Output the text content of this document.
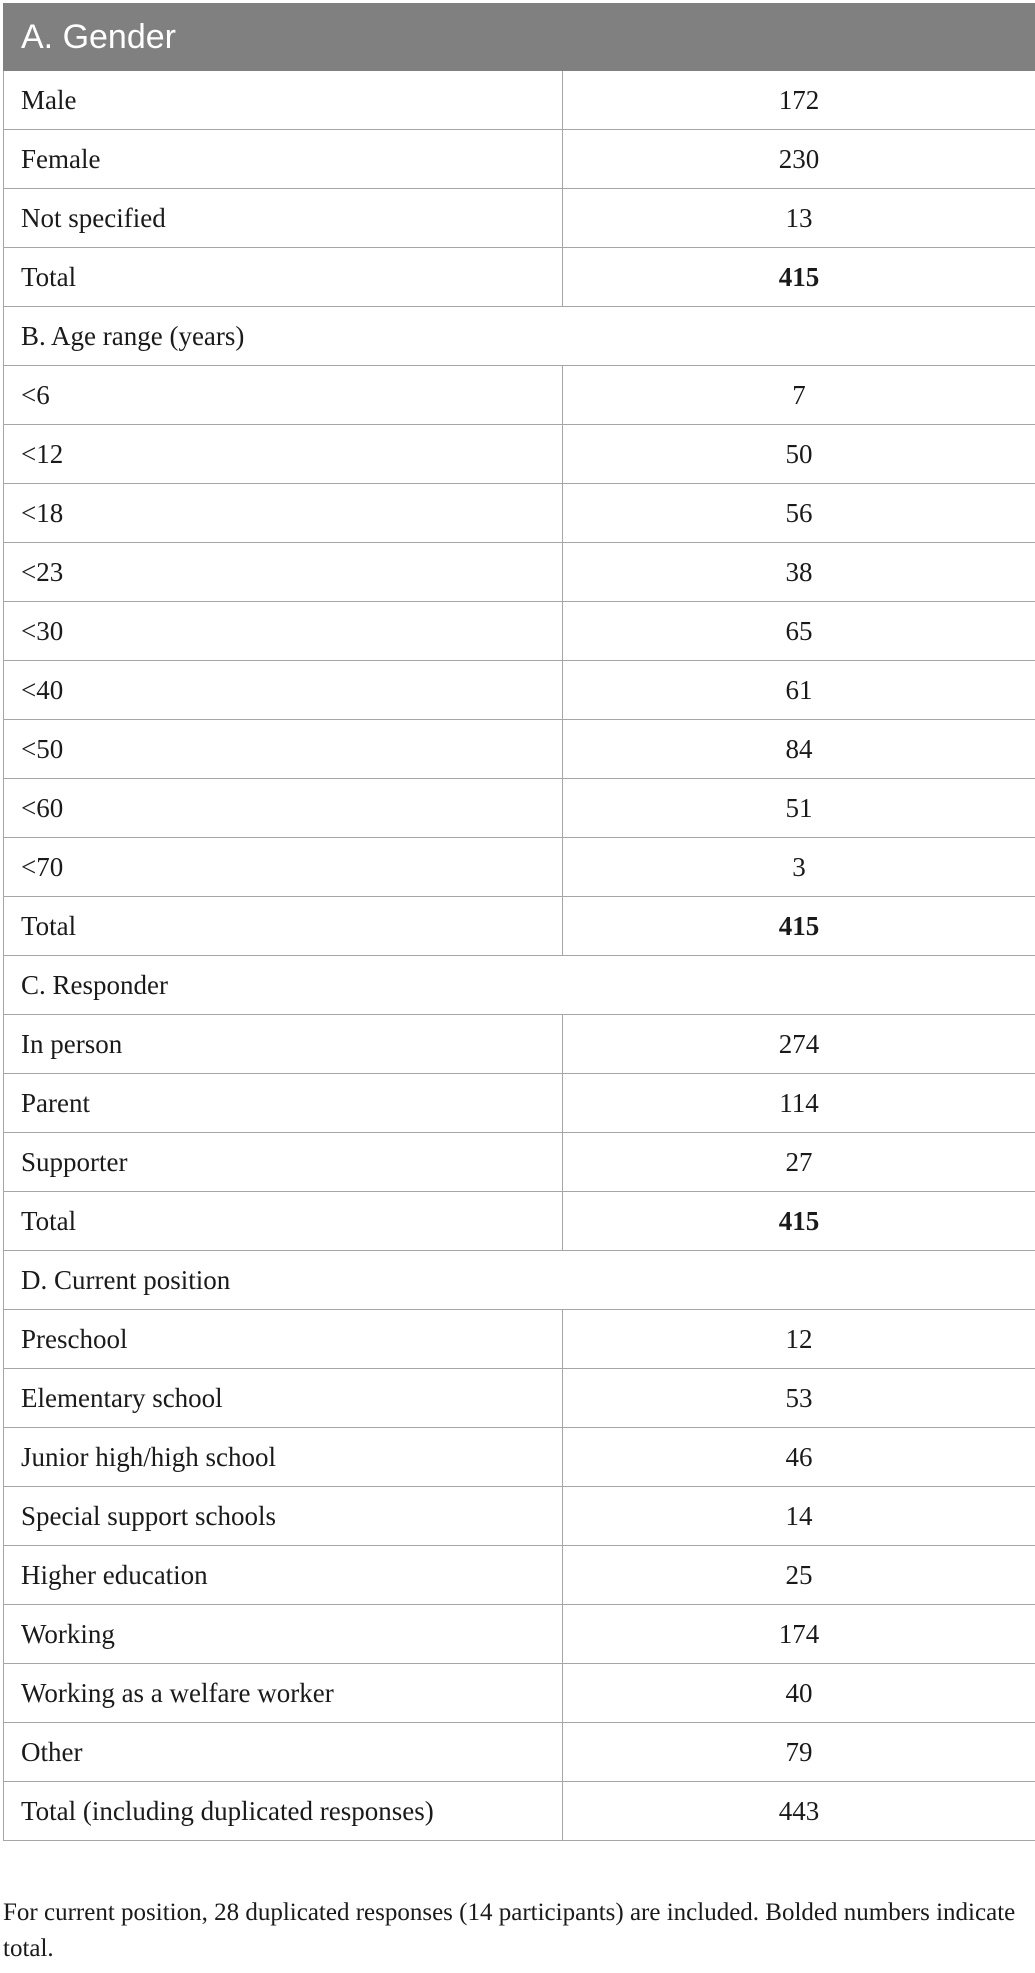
A. Gender	
Male	172
Female	230
Not specified	13
Total	415
B. Age range (years)	
<6	7
<12	50
<18	56
<23	38
<30	65
<40	61
<50	84
<60	51
<70	3
Total	415
C. Responder	
In person	274
Parent	114
Supporter	27
Total	415
D. Current position	
Preschool	12
Elementary school	53
Junior high/high school	46
Special support schools	14
Higher education	25
Working	174
Working as a welfare worker	40
Other	79
Total (including duplicated responses)	443
For current position, 28 duplicated responses (14 participants) are included. Bolded numbers indicate total.
